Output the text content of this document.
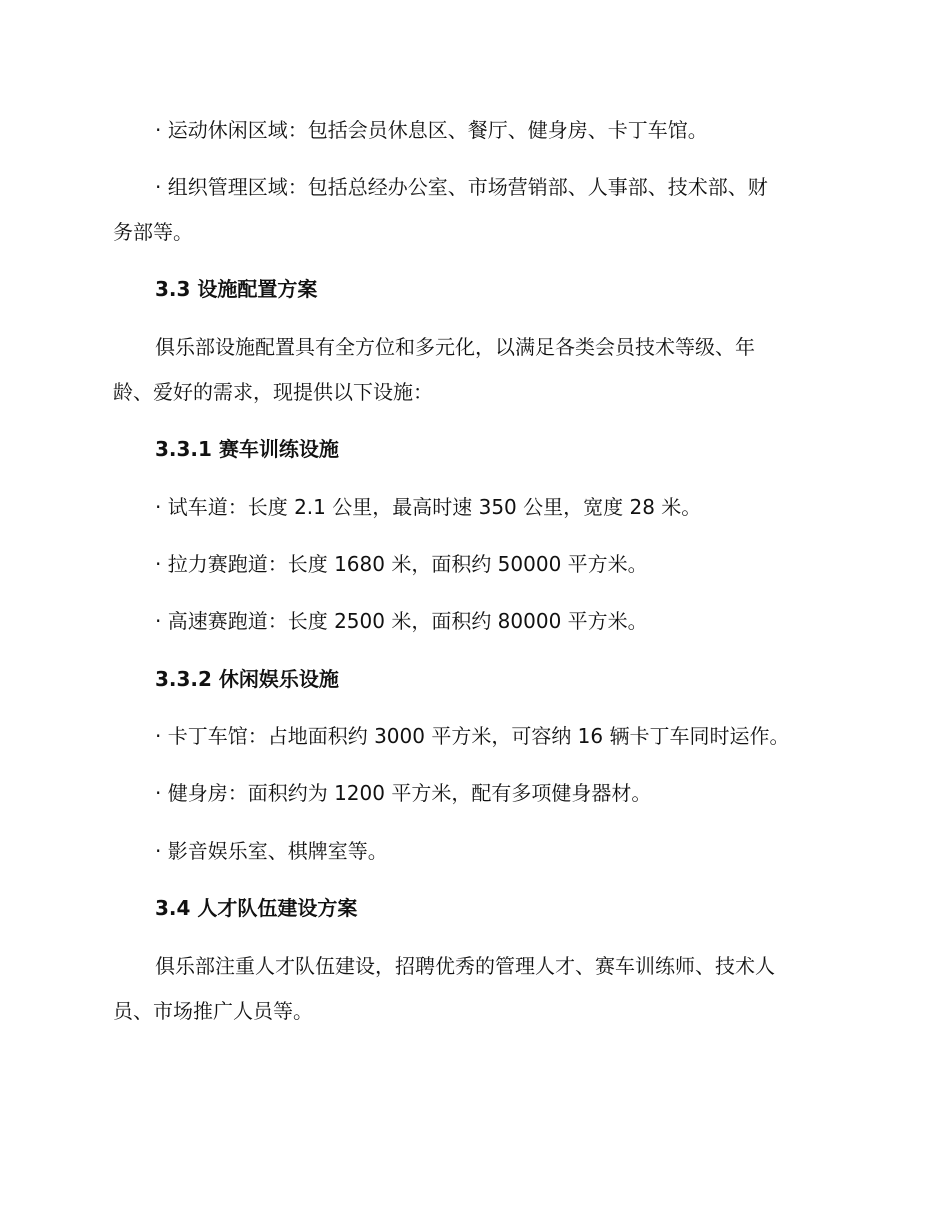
· 运动休闲区域：包括会员休息区、餐厅、健身房、卡丁车馆。

· 组织管理区域：包括总经办公室、市场营销部、人事部、技术部、财

务部等。

3.3 设施配置方案

俱乐部设施配置具有全方位和多元化，以满足各类会员技术等级、年

龄、爱好的需求，现提供以下设施：

3.3.1 赛车训练设施

· 试车道：长度 2.1 公里，最高时速 350 公里，宽度 28 米。

· 拉力赛跑道：长度 1680 米，面积约 50000 平方米。

· 高速赛跑道：长度 2500 米，面积约 80000 平方米。

3.3.2 休闲娱乐设施

· 卡丁车馆：占地面积约 3000 平方米，可容纳 16 辆卡丁车同时运作。

· 健身房：面积约为 1200 平方米，配有多项健身器材。

· 影音娱乐室、棋牌室等。

3.4 人才队伍建设方案

俱乐部注重人才队伍建设，招聘优秀的管理人才、赛车训练师、技术人

员、市场推广人员等。
